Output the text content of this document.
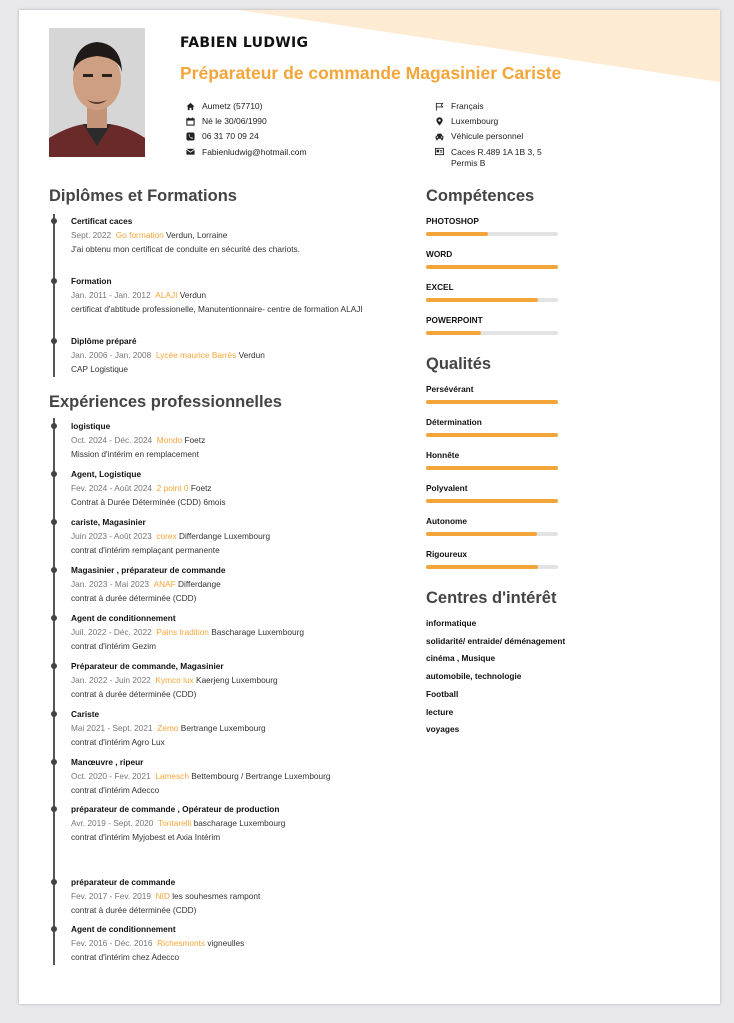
FABIEN LUDWIG
Préparateur de commande Magasinier Cariste
Aumetz (57710)
Né le 30/06/1990
06 31 70 09 24
Fabienludwig@hotmail.com
Français
Luxembourg
Véhicule personnel
Caces R.489 1A 1B 3, 5
Permis B
Diplômes et Formations
Certificat caces
Sept. 2022 Go formation Verdun, Lorraine
J'ai obtenu mon certificat de conduite en sécurité des chariots.
Formation
Jan. 2011 - Jan. 2012 ALAJI Verdun
certificat d'abtitude professionelle, Manutentionnaire- centre de formation ALAJI
Diplôme préparé
Jan. 2006 - Jan. 2008 Lycée maurice Barrès Verdun
CAP Logistique
Expériences professionnelles
logistique
Oct. 2024 - Déc. 2024 Mondo Foetz
Mission d'intérim en remplacement
Agent, Logistique
Fev. 2024 - Août 2024 2 point 0 Foetz
Contrat à Durée Déterminée (CDD) 6mois
cariste, Magasinier
Juin 2023 - Août 2023 corex Differdange Luxembourg
contrat d'intérim remplaçant permanente
Magasinier , préparateur de commande
Jan. 2023 - Mai 2023 ANAF Differdange
contrat à durée déterminée (CDD)
Agent de conditionnement
Juil. 2022 - Déc. 2022 Pains tradition Bascharage Luxembourg
contrat d'intérim Gezim
Préparateur de commande, Magasinier
Jan. 2022 - Juin 2022 Kymco lux Kaerjeng Luxembourg
contrat à durée déterminée (CDD)
Cariste
Mai 2021 - Sept. 2021 Zemo Bertrange Luxembourg
contrat d'intérim Agro Lux
Manœuvre , ripeur
Oct. 2020 - Fev. 2021 Lamesch Bettembourg / Bertrange Luxembourg
contrat d'intérim Adecco
préparateur de commande , Opérateur de production
Avr. 2019 - Sept. 2020 Tontarelli bascharage Luxembourg
contrat d'intérim Myjobest et Axia Intérim
préparateur de commande
Fev. 2017 - Fev. 2019 NID les souhesmes rampont
contrat à durée déterminée (CDD)
Agent de conditionnement
Fev. 2016 - Déc. 2016 Richesmonts vigneulles
contrat d'intérim chez Adecco
Compétences
PHOTOSHOP
WORD
EXCEL
POWERPOINT
Qualités
Persévérant
Détermination
Honnête
Polyvalent
Autonome
Rigoureux
Centres d'intérêt
informatique
solidarité/ entraide/ déménagement
cinéma , Musique
automobile, technologie
Football
lecture
voyages
